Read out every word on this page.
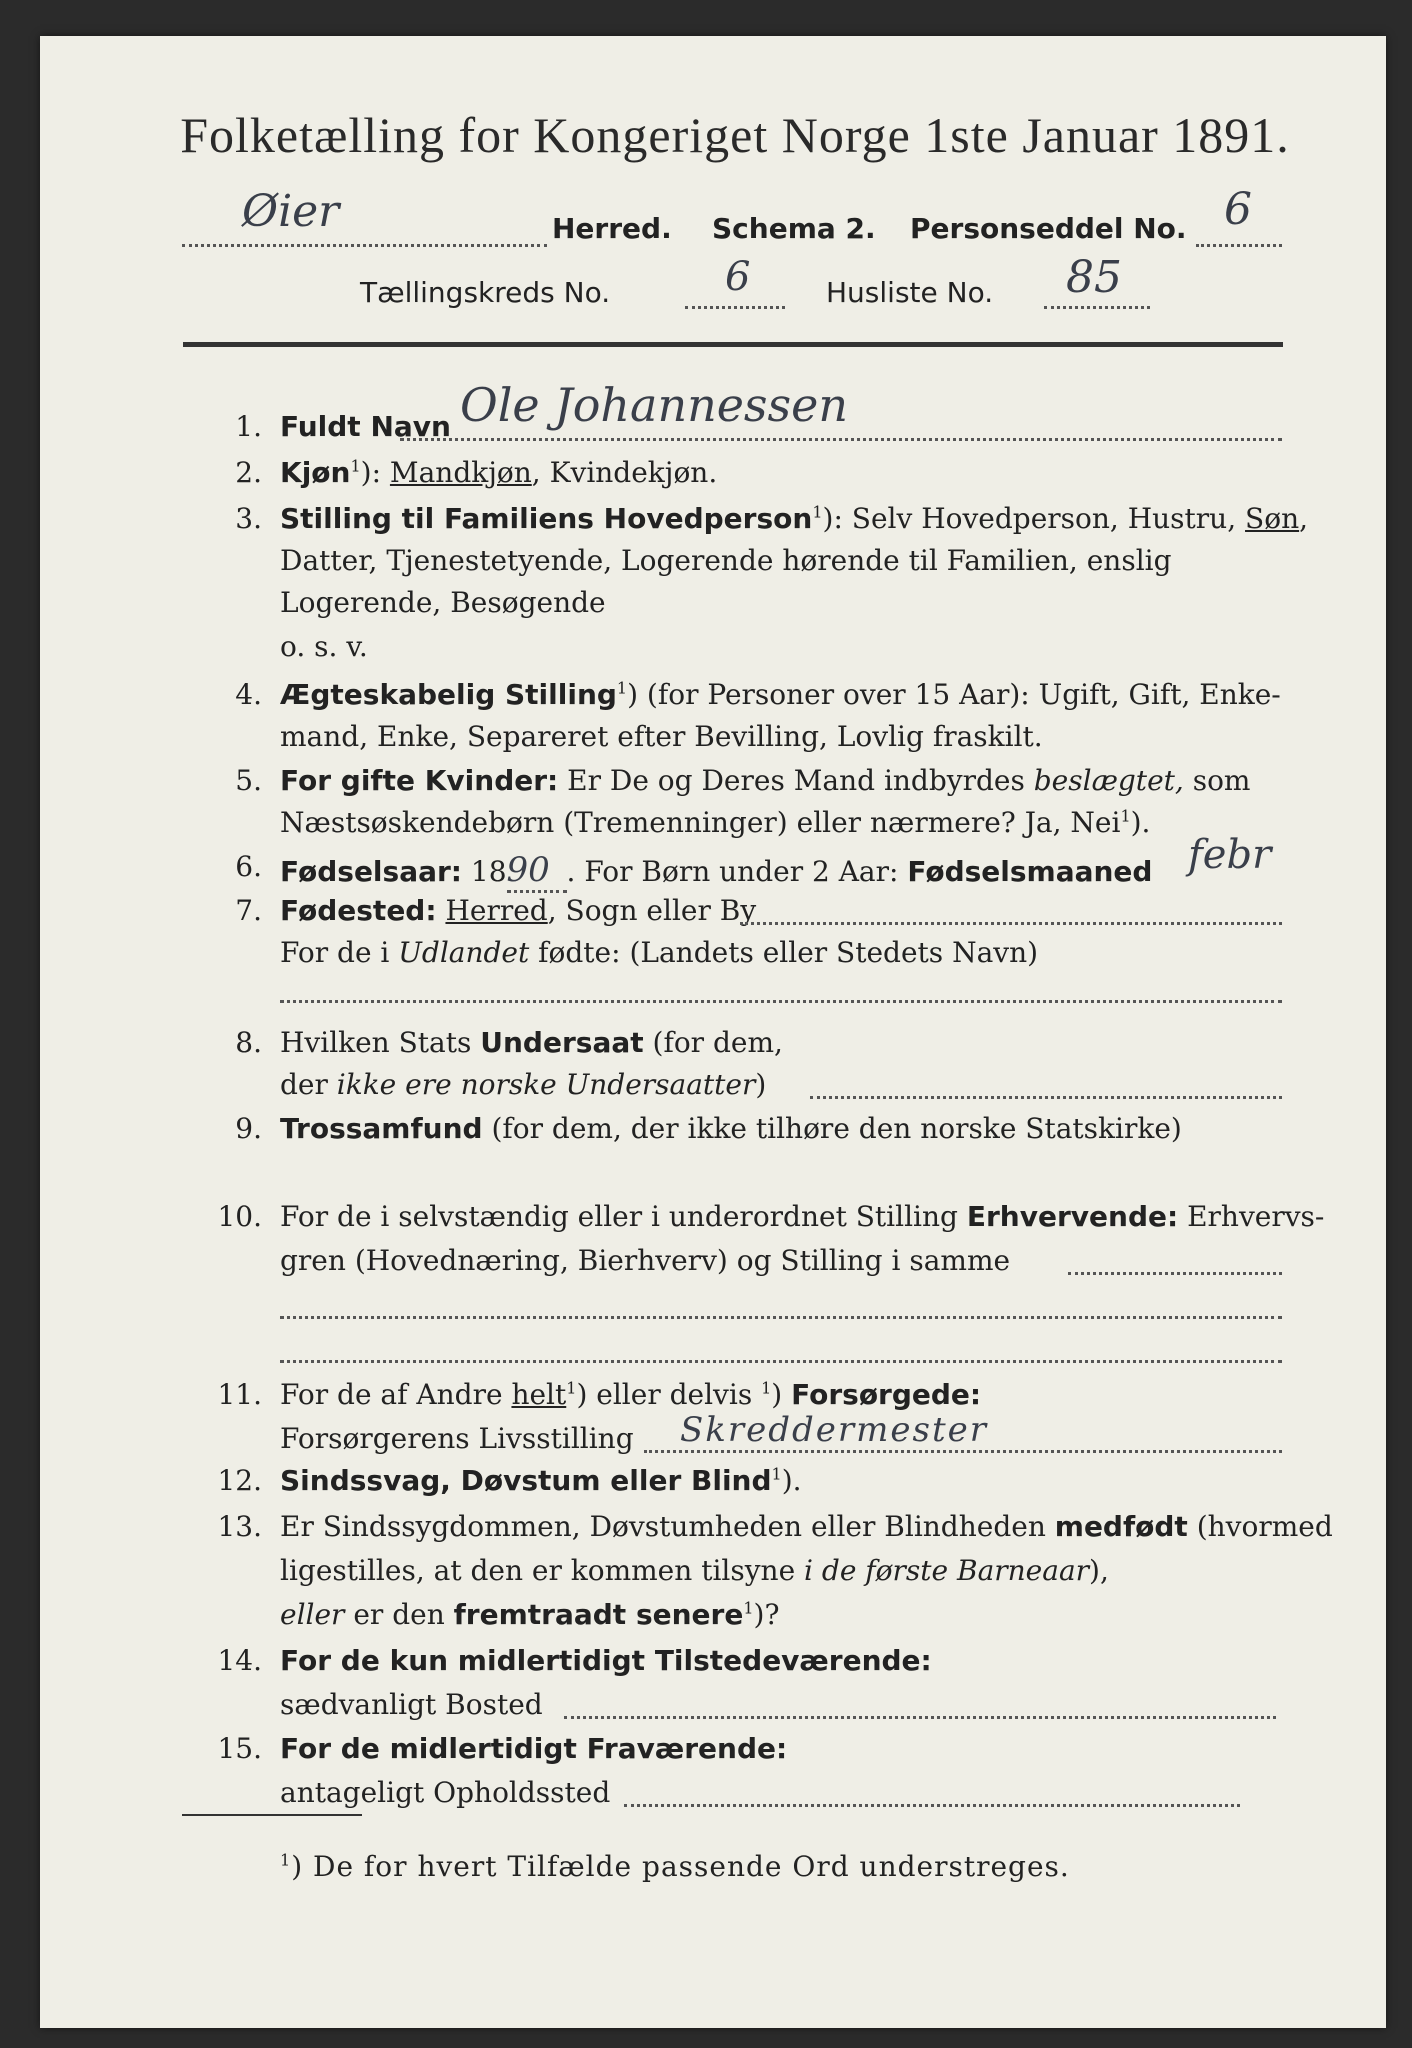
Folketælling for Kongeriget Norge 1ste Januar 1891.
Øier	Herred. Schema 2. Personseddel No. 6
Tællingskreds No.	6	Husliste No. 85
1. Fuldt Navn Ole Johannessen
2. Kjøn$^1$): Mandkjøn, Kvindekjøn.
3. Stilling til Familiens Hovedperson$^1$): Selv Hovedperson, Hustru, Søn,
Datter, Tjenestetyende, Logerende hørende til Familien, enslig
Logerende, Besøgende
o. s. v.
4. Ægteskabelig Stilling$^1$) (for Personer over 15 Aar): Ugift, Gift, Enke-
mand, Enke, Separeret efter Bevilling, Lovlig fraskilt.
5. For gifte Kvinder: Er De og Deres Mand indbyrdes beslægtet, som
Næstsøskendebørn (Tremenninger) eller nærmere? Ja, Nei$^1$).
6. Fødselsaar: 1890 . For Børn under 2 Aar: Fødselsmaaned febr
7. Fødested: Herred, Sogn eller By
For de i Udlandet fødte: (Landets eller Stedets Navn)
8. Hvilken Stats Undersaat (for dem,
der ikke ere norske Undersaatter)
9. Trossamfund (for dem, der ikke tilhøre den norske Statskirke)
10. For de i selvstændig eller i underordnet Stilling Erhvervende: Erhvervs-
gren (Hovednæring, Bierhverv) og Stilling i samme
11. For de af Andre helt$^1$) eller delvis $^1$) Forsørgede:
Forsørgerens Livsstilling Skreddermester
12. Sindssvag, Døvstum eller Blind$^1$).
13. Er Sindssygdommen, Døvstumheden eller Blindheden medfødt (hvormed
ligestilles, at den er kommen tilsyne i de første Barneaar),
eller er den fremtraadt senere$^1$)?
14. For de kun midlertidigt Tilstedeværende:
sædvanligt Bosted
15. For de midlertidigt Fraværende:
antageligt Opholdssted
$^1$) De for hvert Tilfælde passende Ord understreges.
